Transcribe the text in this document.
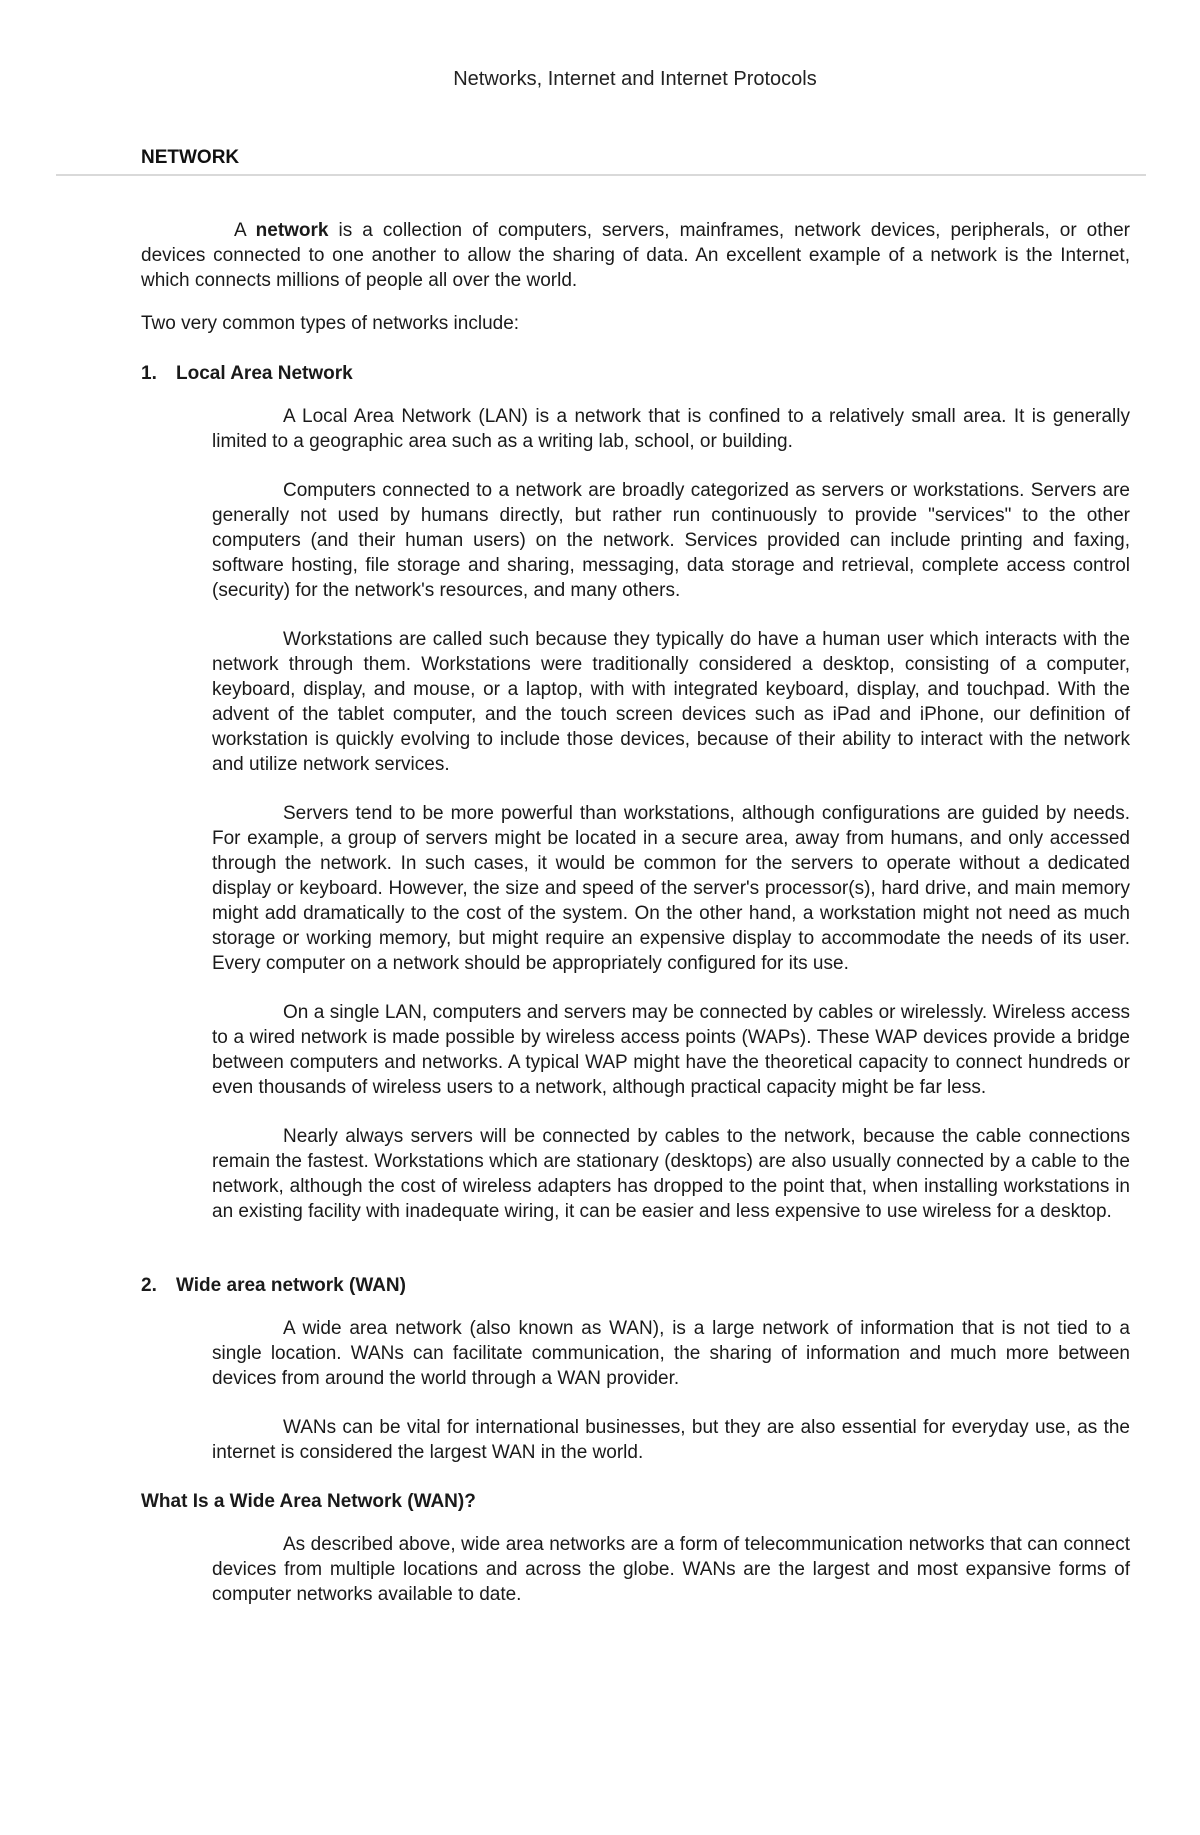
Networks, Internet and Internet Protocols
NETWORK

A network is a collection of computers, servers, mainframes, network devices, peripherals, or other devices connected to one another to allow the sharing of data. An excellent example of a network is the Internet, which connects millions of people all over the world.

Two very common types of networks include:

1. Local Area Network

A Local Area Network (LAN) is a network that is confined to a relatively small area. It is generally limited to a geographic area such as a writing lab, school, or building.

Computers connected to a network are broadly categorized as servers or workstations. Servers are generally not used by humans directly, but rather run continuously to provide "services" to the other computers (and their human users) on the network. Services provided can include printing and faxing, software hosting, file storage and sharing, messaging, data storage and retrieval, complete access control (security) for the network's resources, and many others.

Workstations are called such because they typically do have a human user which interacts with the network through them. Workstations were traditionally considered a desktop, consisting of a computer, keyboard, display, and mouse, or a laptop, with with integrated keyboard, display, and touchpad. With the advent of the tablet computer, and the touch screen devices such as iPad and iPhone, our definition of workstation is quickly evolving to include those devices, because of their ability to interact with the network and utilize network services.

Servers tend to be more powerful than workstations, although configurations are guided by needs. For example, a group of servers might be located in a secure area, away from humans, and only accessed through the network. In such cases, it would be common for the servers to operate without a dedicated display or keyboard. However, the size and speed of the server's processor(s), hard drive, and main memory might add dramatically to the cost of the system. On the other hand, a workstation might not need as much storage or working memory, but might require an expensive display to accommodate the needs of its user. Every computer on a network should be appropriately configured for its use.

On a single LAN, computers and servers may be connected by cables or wirelessly. Wireless access to a wired network is made possible by wireless access points (WAPs). These WAP devices provide a bridge between computers and networks. A typical WAP might have the theoretical capacity to connect hundreds or even thousands of wireless users to a network, although practical capacity might be far less.

Nearly always servers will be connected by cables to the network, because the cable connections remain the fastest. Workstations which are stationary (desktops) are also usually connected by a cable to the network, although the cost of wireless adapters has dropped to the point that, when installing workstations in an existing facility with inadequate wiring, it can be easier and less expensive to use wireless for a desktop.

2. Wide area network (WAN)

A wide area network (also known as WAN), is a large network of information that is not tied to a single location. WANs can facilitate communication, the sharing of information and much more between devices from around the world through a WAN provider.

WANs can be vital for international businesses, but they are also essential for everyday use, as the internet is considered the largest WAN in the world.

What Is a Wide Area Network (WAN)?

As described above, wide area networks are a form of telecommunication networks that can connect devices from multiple locations and across the globe. WANs are the largest and most expansive forms of computer networks available to date.
